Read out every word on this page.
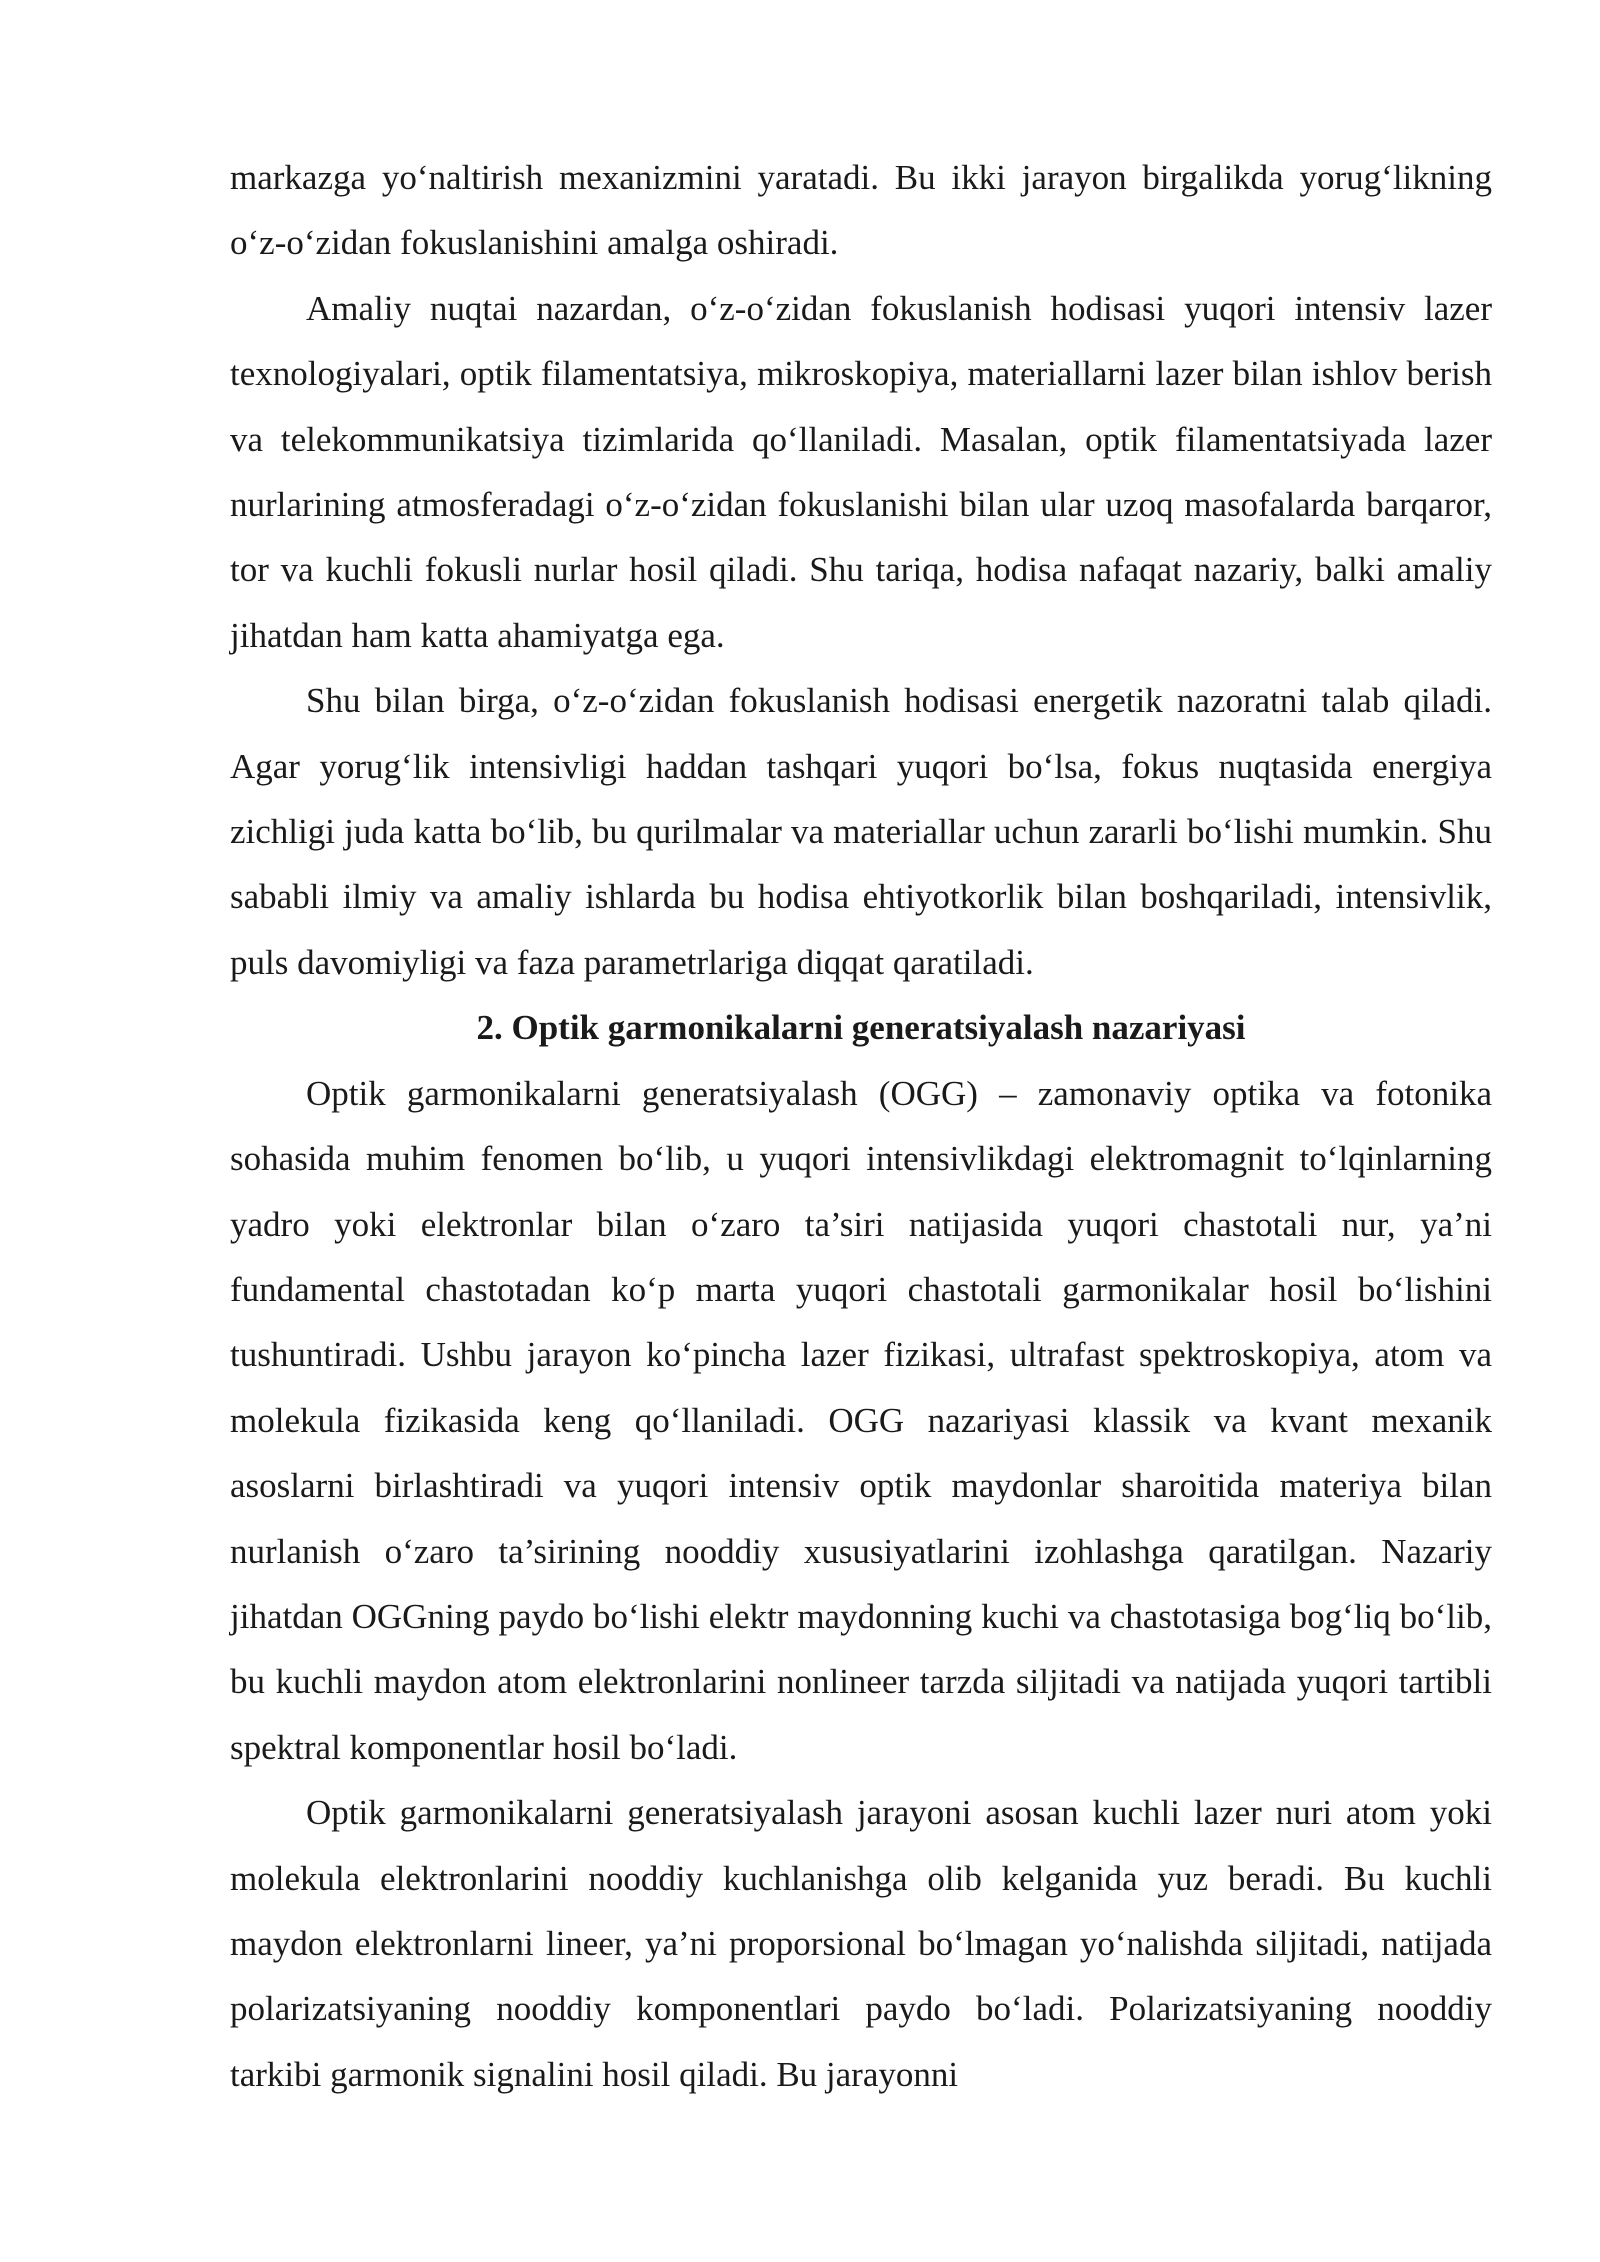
markazga yo‘naltirish mexanizmini yaratadi. Bu ikki jarayon birgalikda yorug‘likning o‘z-o‘zidan fokuslanishini amalga oshiradi.

Amaliy nuqtai nazardan, o‘z-o‘zidan fokuslanish hodisasi yuqori intensiv lazer texnologiyalari, optik filamentatsiya, mikroskopiya, materiallarni lazer bilan ishlov berish va telekommunikatsiya tizimlarida qo‘llaniladi. Masalan, optik filamentatsiyada lazer nurlarining atmosferadagi o‘z-o‘zidan fokuslanishi bilan ular uzoq masofalarda barqaror, tor va kuchli fokusli nurlar hosil qiladi. Shu tariqa, hodisa nafaqat nazariy, balki amaliy jihatdan ham katta ahamiyatga ega.

Shu bilan birga, o‘z-o‘zidan fokuslanish hodisasi energetik nazoratni talab qiladi. Agar yorug‘lik intensivligi haddan tashqari yuqori bo‘lsa, fokus nuqtasida energiya zichligi juda katta bo‘lib, bu qurilmalar va materiallar uchun zararli bo‘lishi mumkin. Shu sababli ilmiy va amaliy ishlarda bu hodisa ehtiyotkorlik bilan boshqariladi, intensivlik, puls davomiyligi va faza parametrlariga diqqat qaratiladi.

2. Optik garmonikalarni generatsiyalash nazariyasi

Optik garmonikalarni generatsiyalash (OGG) – zamonaviy optika va fotonika sohasida muhim fenomen bo‘lib, u yuqori intensivlikdagi elektromagnit to‘lqinlarning yadro yoki elektronlar bilan o‘zaro ta’siri natijasida yuqori chastotali nur, ya’ni fundamental chastotadan ko‘p marta yuqori chastotali garmonikalar hosil bo‘lishini tushuntiradi. Ushbu jarayon ko‘pincha lazer fizikasi, ultrafast spektroskopiya, atom va molekula fizikasida keng qo‘llaniladi. OGG nazariyasi klassik va kvant mexanik asoslarni birlashtiradi va yuqori intensiv optik maydonlar sharoitida materiya bilan nurlanish o‘zaro ta’sirining nooddiy xususiyatlarini izohlashga qaratilgan. Nazariy jihatdan OGGning paydo bo‘lishi elektr maydonning kuchi va chastotasiga bog‘liq bo‘lib, bu kuchli maydon atom elektronlarini nonlineer tarzda siljitadi va natijada yuqori tartibli spektral komponentlar hosil bo‘ladi.

Optik garmonikalarni generatsiyalash jarayoni asosan kuchli lazer nuri atom yoki molekula elektronlarini nooddiy kuchlanishga olib kelganida yuz beradi. Bu kuchli maydon elektronlarni lineer, ya’ni proporsional bo‘lmagan yo‘nalishda siljitadi, natijada polarizatsiyaning nooddiy komponentlari paydo bo‘ladi. Polarizatsiyaning nooddiy tarkibi garmonik signalini hosil qiladi. Bu jarayonni
